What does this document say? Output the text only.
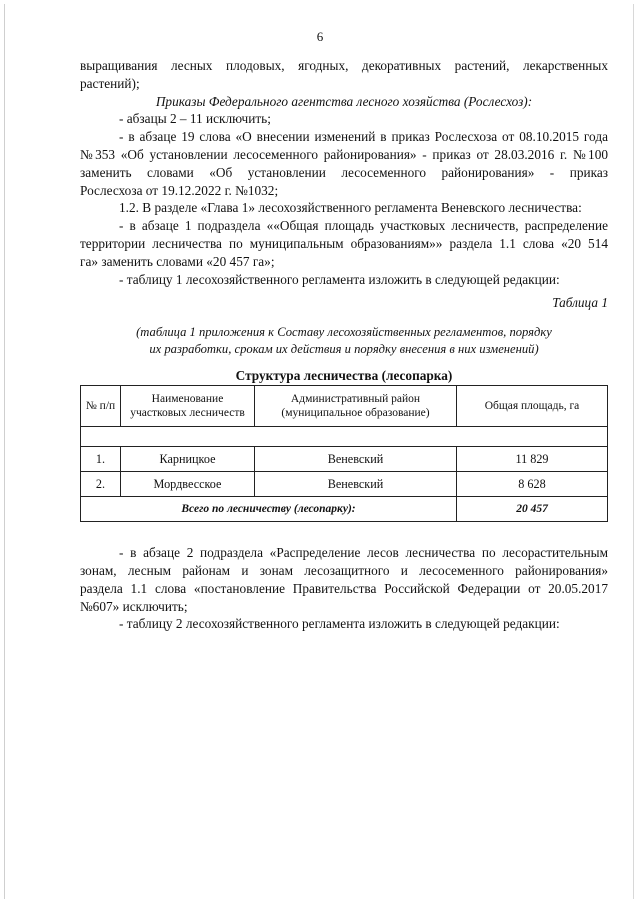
6

выращивания лесных плодовых, ягодных, декоративных растений, лекарственных

растений);

Приказы Федерального агентства лесного хозяйства (Рослесхоз):

- абзацы 2 – 11 исключить;

- в абзаце 19 слова «О внесении изменений в приказ Рослесхоза от 08.10.2015 года

№353 «Об установлении лесосеменного районирования» - приказ от 28.03.2016 г. №100

заменить словами «Об установлении лесосеменного районирования» - приказ

Рослесхоза от 19.12.2022 г. №1032;

1.2. В разделе «Глава 1» лесохозяйственного регламента Веневского лесничества:

- в абзаце 1 подраздела ««Общая площадь участковых лесничеств, распределение

территории лесничества по муниципальным образованиям»» раздела 1.1 слова «20 514

га» заменить словами «20 457 га»;

- таблицу 1 лесохозяйственного регламента изложить в следующей редакции:

Таблица 1

(таблица 1 приложения к Составу лесохозяйственных регламентов, порядку
их разработки, срокам их действия и порядку внесения в них изменений)

Структура лесничества (лесопарка)

№ п/п	Наименование участковых лесничеств	Административный район (муниципальное образование)	Общая площадь, га

1.	Карницкое	Веневский	11 829
2.	Мордвесское	Веневский	8 628
Всего по лесничеству (лесопарку):			20 457

- в абзаце 2 подраздела «Распределение лесов лесничества по лесорастительным

зонам, лесным районам и зонам лесозащитного и лесосеменного районирования»

раздела 1.1 слова «постановление Правительства Российской Федерации от 20.05.2017

№607» исключить;

- таблицу 2 лесохозяйственного регламента изложить в следующей редакции:
